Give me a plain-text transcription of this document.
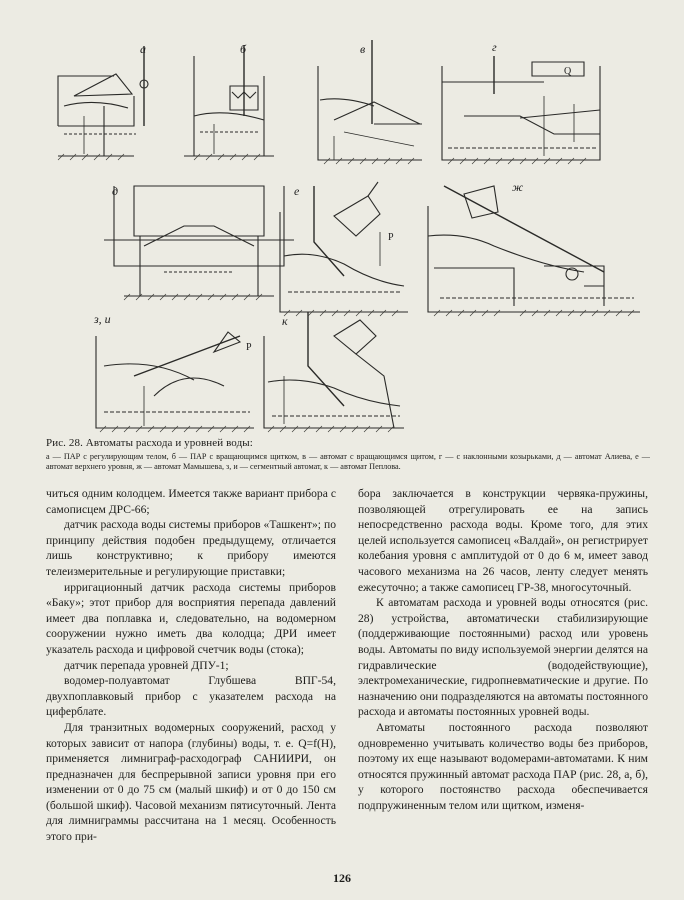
а	б	в	г
Q
д	е
P
ж
з, и
P
к
Рис. 28. Автоматы расхода и уровней воды:
а — ПАР с регулирующим телом, б — ПАР с вращающимся щитком, в — автомат с вращающимся щитом, г — с наклонными козырьками, д — автомат Алиева, е — автомат верхнего уровня, ж — автомат Мамышева, з, и — сегментный автомат, к — автомат Пеплова.

читься одним колодцем. Имеется также вариант прибора с самописцем ДРС-66;

датчик расхода воды системы приборов «Ташкент»; по принципу действия подобен предыдущему, отличается лишь конструктивно; к прибору имеются телеизмерительные и регулирующие приставки;

ирригационный датчик расхода системы приборов «Баку»; этот прибор для восприятия перепада давлений имеет два поплавка и, следовательно, на водомерном сооружении нужно иметь два колодца; ДРИ имеет указатель расхода и цифровой счетчик воды (стока);

датчик перепада уровней ДПУ-1;

водомер-полуавтомат Глубшева ВПГ-54, двухпоплавковый прибор с указателем расхода на циферблате.

Для транзитных водомерных сооружений, расход у которых зависит от напора (глубины) воды, т. е. Q=f(H), применяется лимниграф-расходограф САНИИРИ, он предназначен для беспрерывной записи уровня при его изменении от 0 до 75 см (малый шкиф) и от 0 до 150 см (большой шкиф). Часовой механизм пятисуточный. Лента для лимниграммы рассчитана на 1 месяц. Особенность этого при-

бора заключается в конструкции червяка-пружины, позволяющей отрегулировать ее на запись непосредственно расхода воды. Кроме того, для этих целей используется самописец «Валдай», он регистрирует колебания уровня с амплитудой от 0 до 6 м, имеет завод часового механизма на 26 часов, ленту следует менять ежесуточно; а также самописец ГР-38, многосуточный.

К автоматам расхода и уровней воды относятся (рис. 28) устройства, автоматически стабилизирующие (поддерживающие постоянными) расход или уровень воды. Автоматы по виду используемой энергии делятся на гидравлические (вододействующие), электромеханические, гидропневматические и другие. По назначению они подразделяются на автоматы постоянного расхода и автоматы постоянных уровней воды.

Автоматы постоянного расхода позволяют одновременно учитывать количество воды без приборов, поэтому их еще называют водомерами-автоматами. К ним относятся пружинный автомат расхода ПАР (рис. 28, а, б), у которого постоянство расхода обеспечивается подпружиненным телом или щитком, изменя-

126
